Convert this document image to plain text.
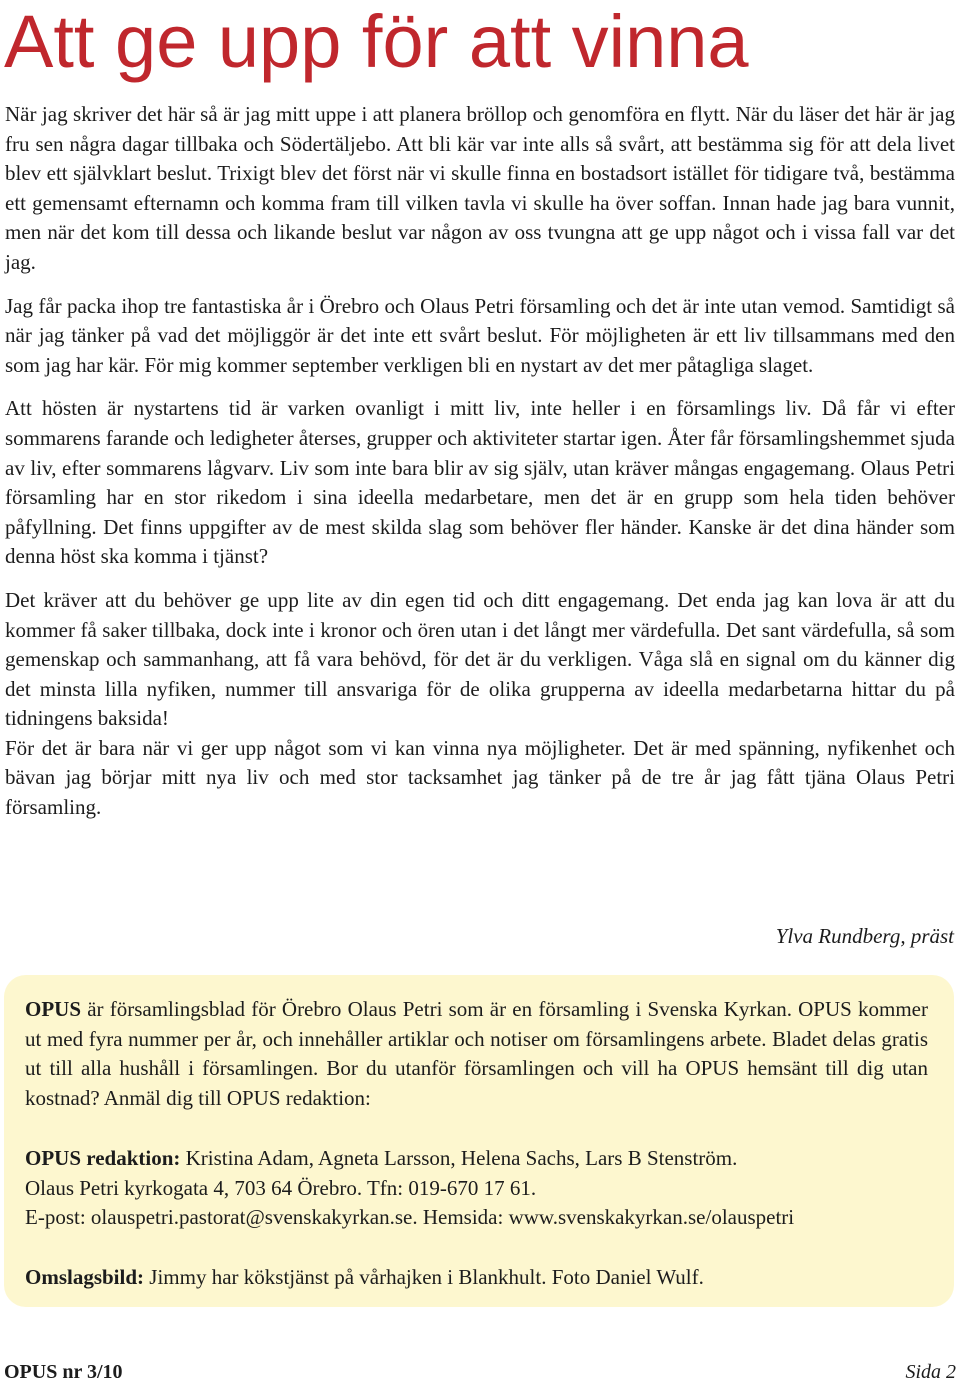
Att ge upp för att vinna

När jag skriver det här så är jag mitt uppe i att planera bröllop och genomföra en flytt. När du läser det här är jag fru sen några dagar tillbaka och Södertäljebo. Att bli kär var inte alls så svårt, att bestämma sig för att dela livet blev ett självklart beslut. Trixigt blev det först när vi skulle finna en bostadsort istället för tidigare två, bestämma ett gemensamt efternamn och komma fram till vilken tavla vi skulle ha över soffan. Innan hade jag bara vunnit, men när det kom till dessa och likande beslut var någon av oss tvungna att ge upp något och i vissa fall var det jag.

Jag får packa ihop tre fantastiska år i Örebro och Olaus Petri församling och det är inte utan vemod. Samtidigt så när jag tänker på vad det möjliggör är det inte ett svårt beslut. För möjligheten är ett liv tillsammans med den som jag har kär. För mig kommer september verkligen bli en nystart av det mer påtagliga slaget.

Att hösten är nystartens tid är varken ovanligt i mitt liv, inte heller i en församlings liv. Då får vi efter sommarens farande och ledigheter återses, grupper och aktiviteter startar igen. Åter får församlingshemmet sjuda av liv, efter sommarens lågvarv. Liv som inte bara blir av sig själv, utan kräver mångas engagemang. Olaus Petri församling har en stor rikedom i sina ideella medarbetare, men det är en grupp som hela tiden behöver påfyllning. Det finns uppgifter av de mest skilda slag som behöver fler händer. Kanske är det dina händer som denna höst ska komma i tjänst?

Det kräver att du behöver ge upp lite av din egen tid och ditt engagemang. Det enda jag kan lova är att du kommer få saker tillbaka, dock inte i kronor och ören utan i det långt mer värdefulla. Det sant värdefulla, så som gemenskap och sammanhang, att få vara behövd, för det är du verkligen. Våga slå en signal om du känner dig det minsta lilla nyfiken, nummer till ansvariga för de olika grupperna av ideella medarbetarna hittar du på tidningens baksida!

För det är bara när vi ger upp något som vi kan vinna nya möjligheter. Det är med spänning, nyfikenhet och bävan jag börjar mitt nya liv och med stor tacksamhet jag tänker på de tre år jag fått tjäna Olaus Petri församling.

Ylva Rundberg, präst

OPUS är församlingsblad för Örebro Olaus Petri som är en församling i Svenska Kyrkan. OPUS kommer ut med fyra nummer per år, och innehåller artiklar och notiser om församlingens arbete. Bladet delas gratis ut till alla hushåll i församlingen. Bor du utanför församlingen och vill ha OPUS hemsänt till dig utan kostnad? Anmäl dig till OPUS redaktion:

OPUS redaktion: Kristina Adam, Agneta Larsson, Helena Sachs, Lars B Stenström.
Olaus Petri kyrkogata 4, 703 64 Örebro. Tfn: 019-670 17 61.
E-post: olauspetri.pastorat@svenskakyrkan.se. Hemsida: www.svenskakyrkan.se/olauspetri

Omslagsbild: Jimmy har kökstjänst på vårhajken i Blankhult. Foto Daniel Wulf.

OPUS nr 3/10	Sida 2
